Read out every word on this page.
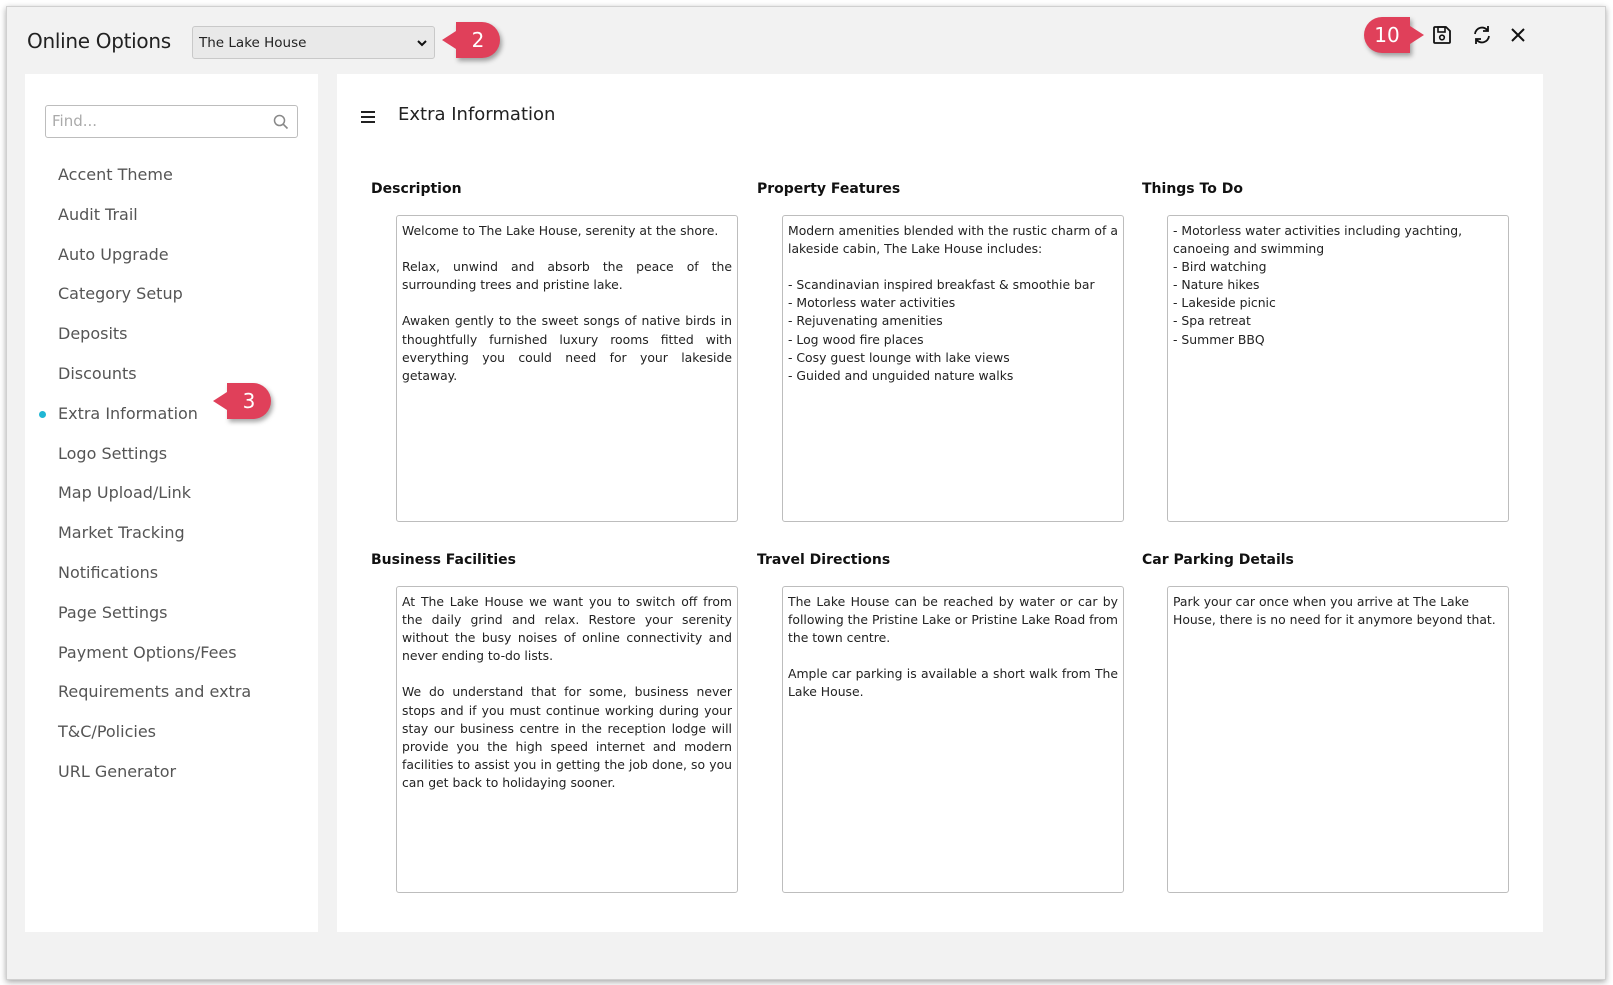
Online Options The Lake House	2	10
Find...
Accent Theme
Audit Trail
Auto Upgrade
Category Setup
Deposits
Discounts
Extra Information
Logo Settings
Map Upload/Link
Market Tracking
Notifications
Page Settings
Payment Options/Fees
Requirements and extra
T&C/Policies
URL Generator
3
Extra Information
Description
Welcome to The Lake House, serenity at the shore.

Relax, unwind and absorb the peace of the surrounding trees and pristine lake.

Awaken gently to the sweet songs of native birds in thoughtfully furnished luxury rooms fitted with everything you could need for your lakeside getaway.
Property Features
Modern amenities blended with the rustic charm of a lakeside cabin, The Lake House includes:

- Scandinavian inspired breakfast & smoothie bar
- Motorless water activities
- Rejuvenating amenities
- Log wood fire places
- Cosy guest lounge with lake views
- Guided and unguided nature walks
Things To Do
- Motorless water activities including yachting, canoeing and swimming
- Bird watching
- Nature hikes
- Lakeside picnic
- Spa retreat
- Summer BBQ
Business Facilities
At The Lake House we want you to switch off from the daily grind and relax. Restore your serenity without the busy noises of online connectivity and never ending to-do lists.

We do understand that for some, business never stops and if you must continue working during your stay our business centre in the reception lodge will provide you the high speed internet and modern facilities to assist you in getting the job done, so you can get back to holidaying sooner.
Travel Directions
The Lake House can be reached by water or car by following the Pristine Lake or Pristine Lake Road from the town centre.

Ample car parking is available a short walk from The Lake House.
Car Parking Details
Park your car once when you arrive at The Lake House, there is no need for it anymore beyond that.
